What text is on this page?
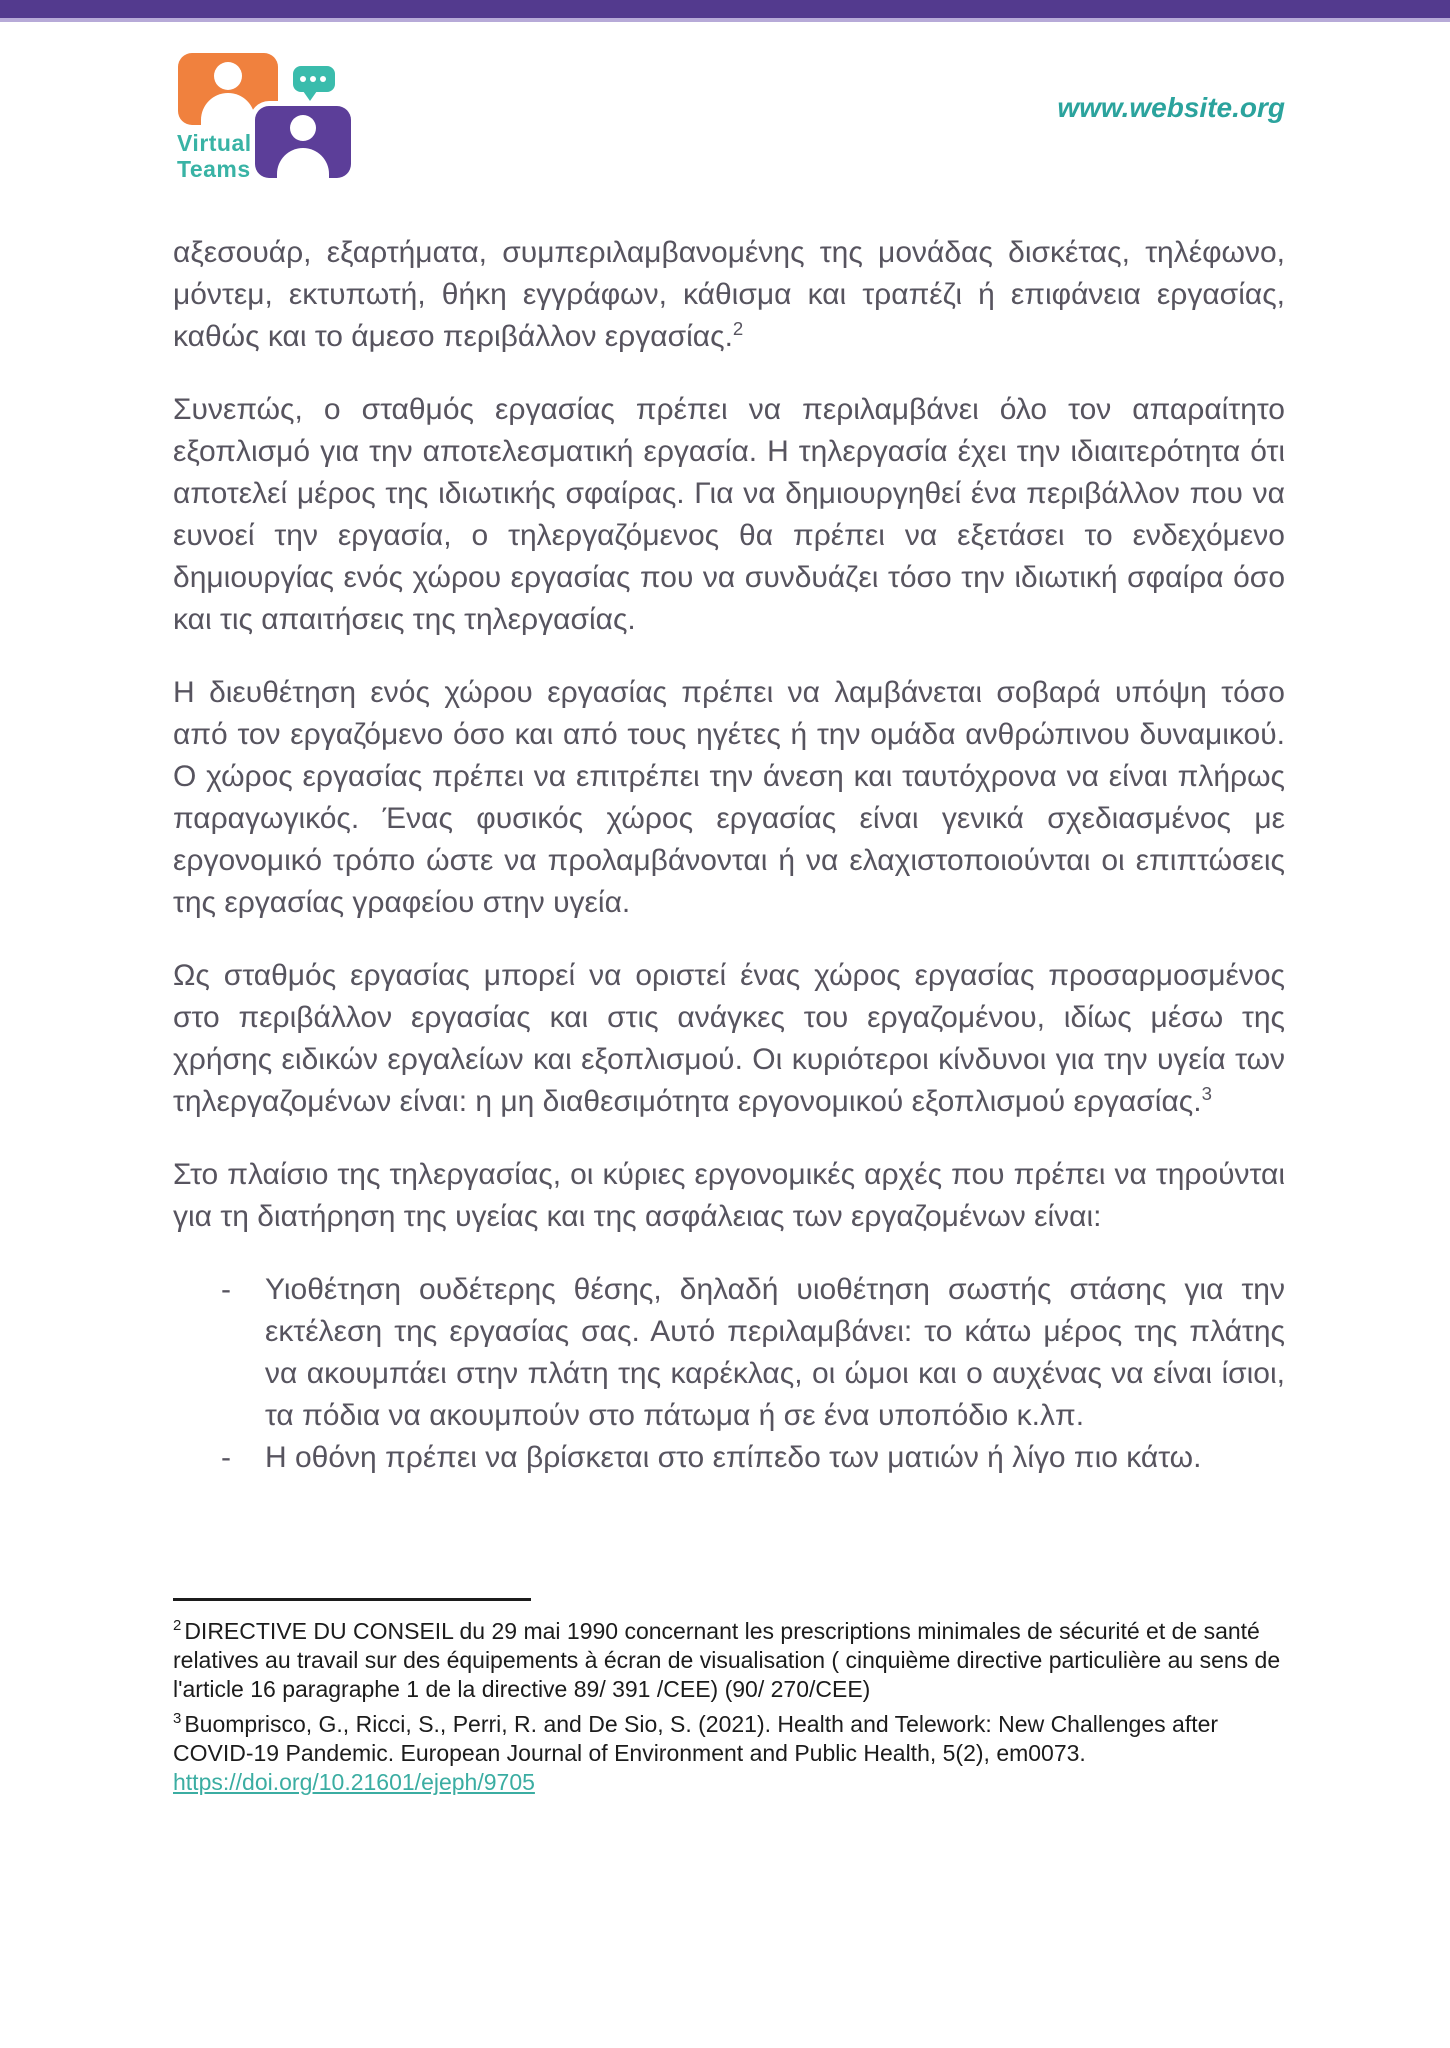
Virtual
Teams
www.website.org

αξεσουάρ, εξαρτήματα, συμπεριλαμβανομένης της μονάδας δισκέτας, τηλέφωνο, μόντεμ, εκτυπωτή, θήκη εγγράφων, κάθισμα και τραπέζι ή επιφάνεια εργασίας, καθώς και το άμεσο περιβάλλον εργασίας.$^2$

Συνεπώς, ο σταθμός εργασίας πρέπει να περιλαμβάνει όλο τον απαραίτητο εξοπλισμό για την αποτελεσματική εργασία. Η τηλεργασία έχει την ιδιαιτερότητα ότι αποτελεί μέρος της ιδιωτικής σφαίρας. Για να δημιουργηθεί ένα περιβάλλον που να ευνοεί την εργασία, ο τηλεργαζόμενος θα πρέπει να εξετάσει το ενδεχόμενο δημιουργίας ενός χώρου εργασίας που να συνδυάζει τόσο την ιδιωτική σφαίρα όσο και τις απαιτήσεις της τηλεργασίας.

Η διευθέτηση ενός χώρου εργασίας πρέπει να λαμβάνεται σοβαρά υπόψη τόσο από τον εργαζόμενο όσο και από τους ηγέτες ή την ομάδα ανθρώπινου δυναμικού. Ο χώρος εργασίας πρέπει να επιτρέπει την άνεση και ταυτόχρονα να είναι πλήρως παραγωγικός. Ένας φυσικός χώρος εργασίας είναι γενικά σχεδιασμένος με εργονομικό τρόπο ώστε να προλαμβάνονται ή να ελαχιστοποιούνται οι επιπτώσεις της εργασίας γραφείου στην υγεία.

Ως σταθμός εργασίας μπορεί να οριστεί ένας χώρος εργασίας προσαρμοσμένος στο περιβάλλον εργασίας και στις ανάγκες του εργαζομένου, ιδίως μέσω της χρήσης ειδικών εργαλείων και εξοπλισμού. Οι κυριότεροι κίνδυνοι για την υγεία των τηλεργαζομένων είναι: η μη διαθεσιμότητα εργονομικού εξοπλισμού εργασίας.$^3$

Στο πλαίσιο της τηλεργασίας, οι κύριες εργονομικές αρχές που πρέπει να τηρούνται για τη διατήρηση της υγείας και της ασφάλειας των εργαζομένων είναι:

- Υιοθέτηση ουδέτερης θέσης, δηλαδή υιοθέτηση σωστής στάσης για την εκτέλεση της εργασίας σας. Αυτό περιλαμβάνει: το κάτω μέρος της πλάτης να ακουμπάει στην πλάτη της καρέκλας, οι ώμοι και ο αυχένας να είναι ίσιοι, τα πόδια να ακουμπούν στο πάτωμα ή σε ένα υποπόδιο κ.λπ.
- Η οθόνη πρέπει να βρίσκεται στο επίπεδο των ματιών ή λίγο πιο κάτω.
$^2$ DIRECTIVE DU CONSEIL du 29 mai 1990 concernant les prescriptions minimales de sécurité et de santé relatives au travail sur des équipements à écran de visualisation ( cinquième directive particulière au sens de l'article 16 paragraphe 1 de la directive 89/ 391 /CEE) (90/ 270/CEE)
$^3$ Buomprisco, G., Ricci, S., Perri, R. and De Sio, S. (2021). Health and Telework: New Challenges after COVID-19 Pandemic. European Journal of Environment and Public Health, 5(2), em0073.
https://doi.org/10.21601/ejeph/9705
